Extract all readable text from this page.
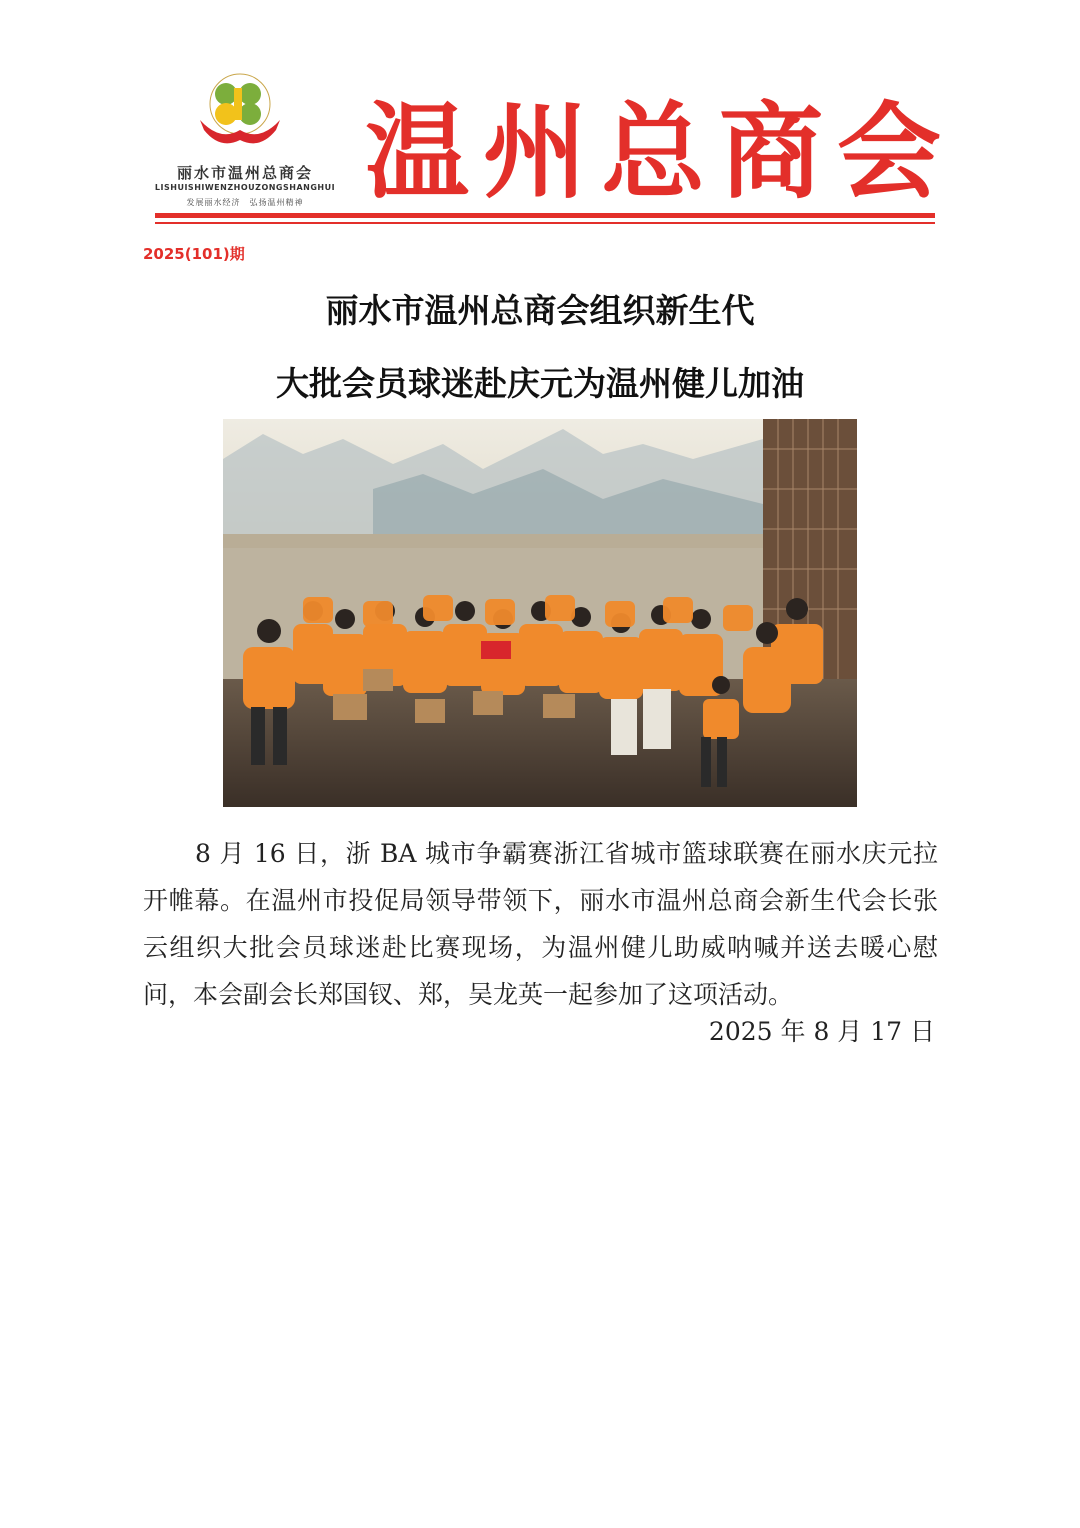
丽水市温州总商会
LISHUISHIWENZHOUZONGSHANGHUI
发展丽水经济　弘扬温州精神 温州总商会
2025(101)期
丽水市温州总商会组织新生代
大批会员球迷赴庆元为温州健儿加油
8 月 16 日，浙 BA 城市争霸赛浙江省城市篮球联赛在丽水庆元拉开帷幕。在温州市投促局领导带领下，丽水市温州总商会新生代会长张云组织大批会员球迷赴比赛现场，为温州健儿助威呐喊并送去暖心慰问，本会副会长郑国钗、郑，吴龙英一起参加了这项活动。
2025 年 8 月 17 日
